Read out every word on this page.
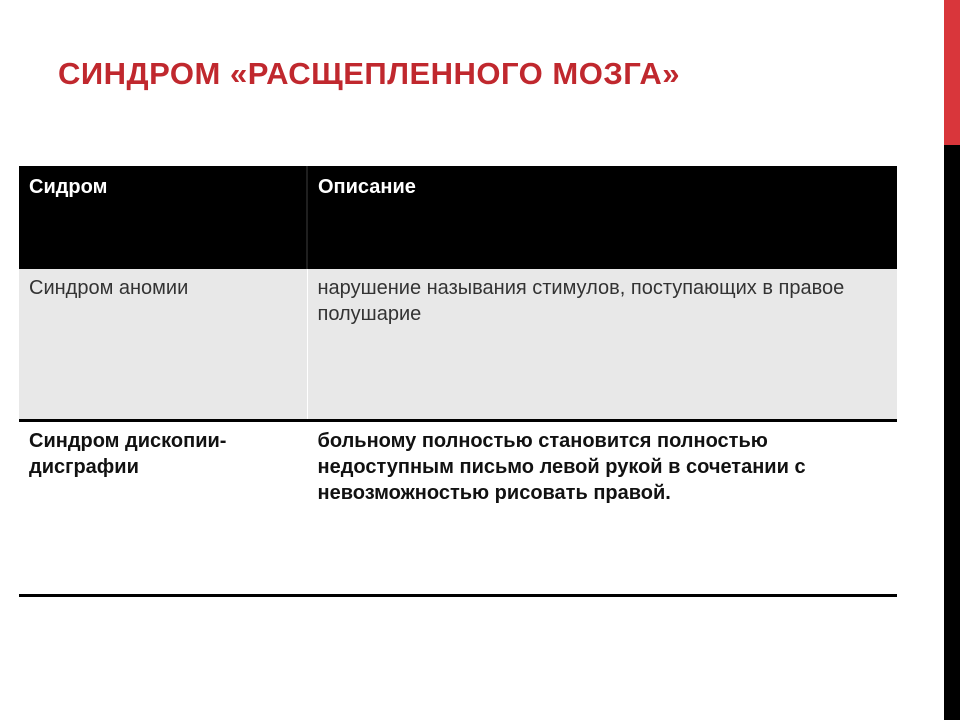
СИНДРОМ «РАСЩЕПЛЕННОГО МОЗГА»
Сидром	Описание
Синдром аномии	нарушение называния стимулов, поступающих в правое полушарие
Синдром дископии-дисграфии	больному полностью становится полностью недоступным письмо левой рукой в сочетании с невозможностью рисовать правой.
